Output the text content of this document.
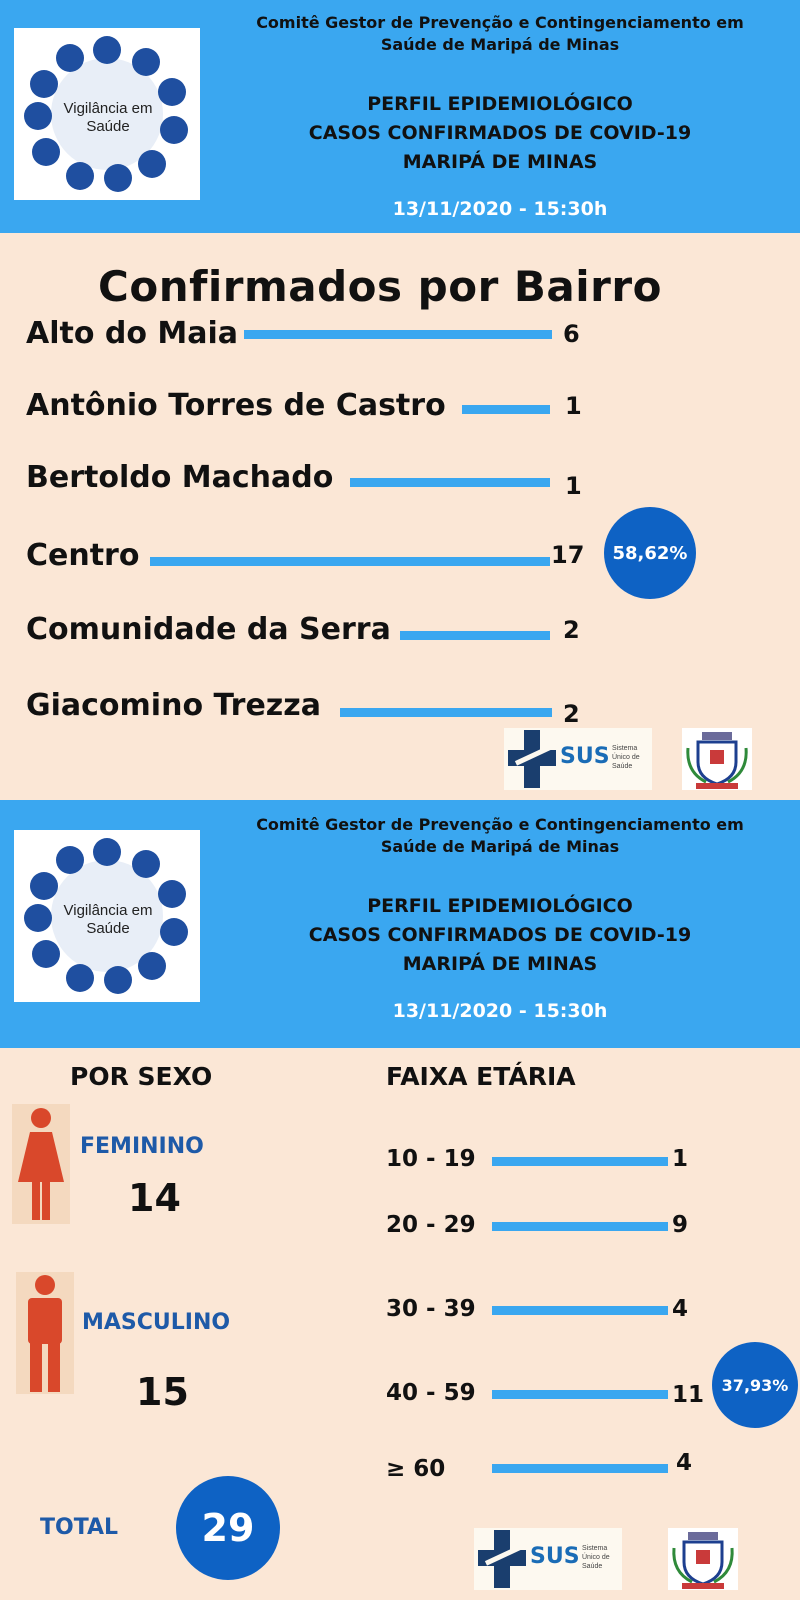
Vigilância em Saúde
Comitê Gestor de Prevenção e Contingenciamento em
Saúde de Maripá de Minas
PERFIL EPIDEMIOLÓGICO
CASOS CONFIRMADOS DE COVID-19
MARIPÁ DE MINAS
13/11/2020 - 15:30h
Confirmados por Bairro
Alto do Maia	6
Antônio Torres de Castro	1
Bertoldo Machado	1
Centro	17	58,62%
Comunidade da Serra	2
Giacomino Trezza	2
SUS Sistema Único de Saúde
Vigilância em Saúde
Comitê Gestor de Prevenção e Contingenciamento em
Saúde de Maripá de Minas
PERFIL EPIDEMIOLÓGICO
CASOS CONFIRMADOS DE COVID-19
MARIPÁ DE MINAS
13/11/2020 - 15:30h
POR SEXO	FAIXA ETÁRIA
FEMININO
14
MASCULINO
15
TOTAL	29
10 - 19	1
20 - 29	9
30 - 39	4
40 - 59	11	37,93%
≥ 60	4
SUS Sistema Único de Saúde
